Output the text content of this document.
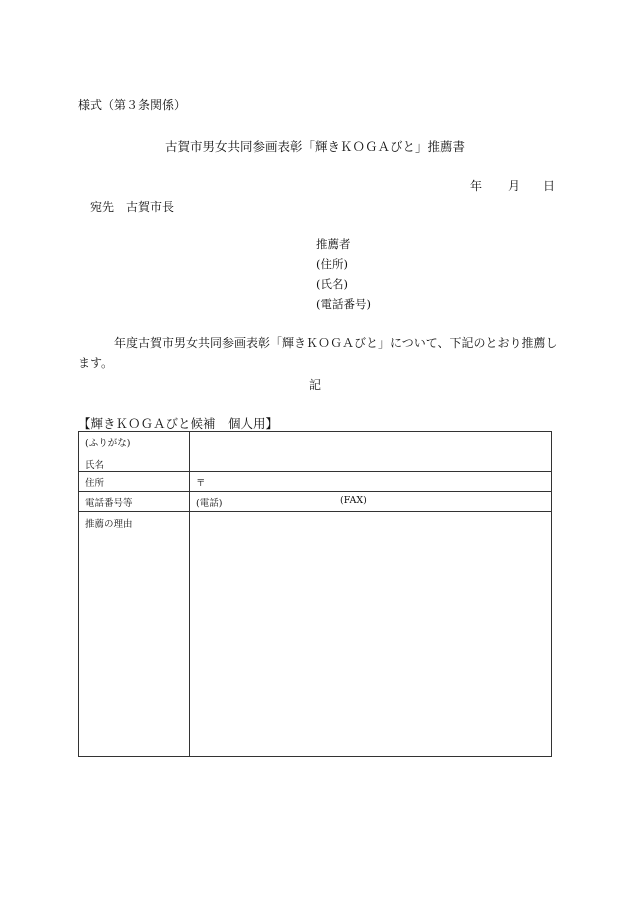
様式（第３条関係）
古賀市男女共同参画表彰「輝きＫＯＧＡびと」推薦書
年 月 日
宛先　古賀市長
推薦者
(住所)
(氏名)
(電話番号)
年度古賀市男女共同参画表彰「輝きＫＯＧＡびと」について、下記のとおり推薦します。
記
【輝きＫＯＧＡびと候補　個人用】
(ふりがな)
氏名	

住所	〒
電話番号等	(電話) (FAX)

推薦の理由	
